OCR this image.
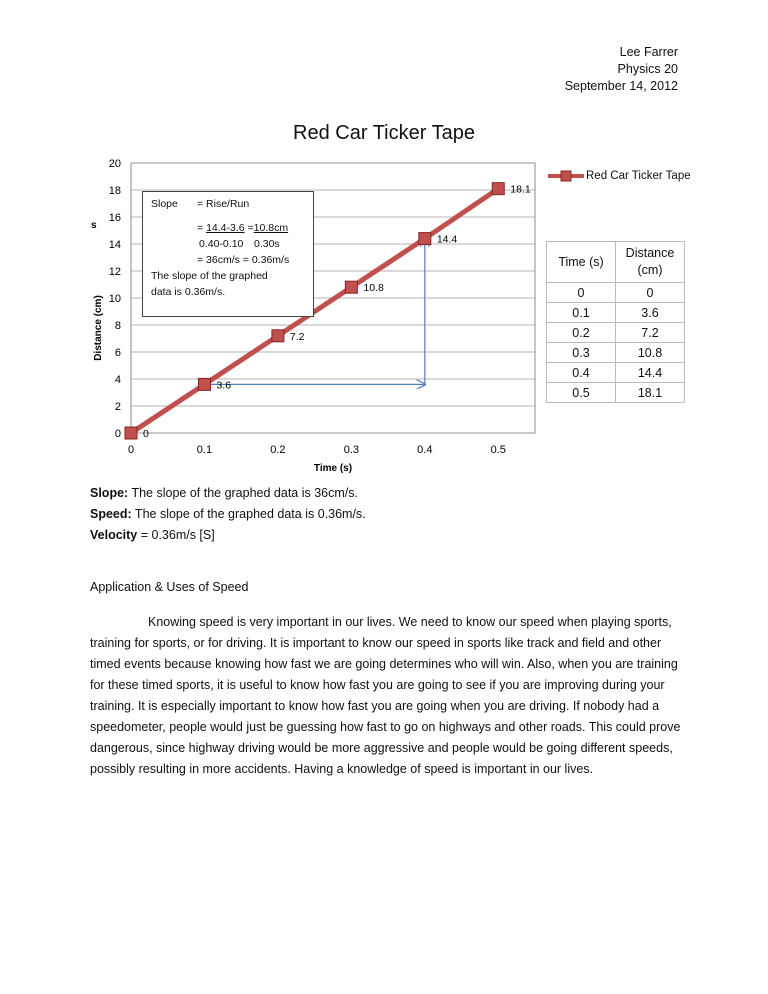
Lee Farrer
Physics 20
September 14, 2012
Red Car Ticker Tape
0
2
4
6
8
10
12
14
16
18
20
0	0.1	0.2	0.3	0.4	0.5
Time (s)
Distance (cm)
s
0
3.6
7.2
10.8
14.4
18.1
Red Car Ticker Tape
Slope = Rise/Run
= 14.4-3.6 =10.8cm
0.40-0.10 0.30s
= 36cm/s = 0.36m/s
The slope of the graphed
data is 0.36m/s.
Time (s)	Distance (cm)
0	0
0.1	3.6
0.2	7.2
0.3	10.8
0.4	14.4
0.5	18.1
Slope: The slope of the graphed data is 36cm/s.
Speed: The slope of the graphed data is 0.36m/s.
Velocity = 0.36m/s [S]
Application & Uses of Speed
Knowing speed is very important in our lives. We need to know our speed when playing sports, training for sports, or for driving. It is important to know our speed in sports like track and field and other timed events because knowing how fast we are going determines who will win. Also, when you are training for these timed sports, it is useful to know how fast you are going to see if you are improving during your training. It is especially important to know how fast you are going when you are driving. If nobody had a speedometer, people would just be guessing how fast to go on highways and other roads. This could prove dangerous, since highway driving would be more aggressive and people would be going different speeds, possibly resulting in more accidents. Having a knowledge of speed is important in our lives.
